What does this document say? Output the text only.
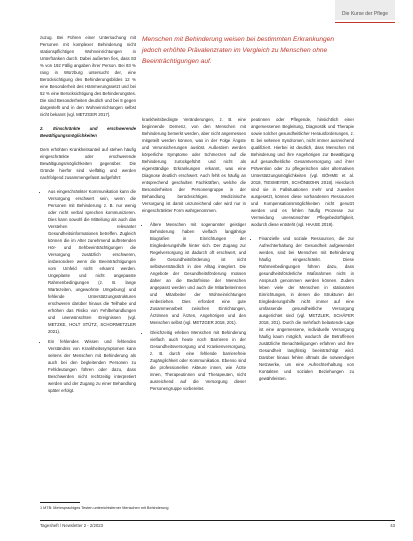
Die Kurse der Pflege
Menschen mit Behinderung weisen bei bestimmten Erkrankungen jedoch erhöhte Prävalenzraten im Vergleich zu Menschen ohne Beeinträchtigungen auf.

zuzug. Bei Führen einer Untersuchung mit Personen mit komplexer Behinderung nicht stationspflichtigen Wohneinrichtungen in Unterfranken durch. Dabei außerten fies, dass 83 % von 192 Fällig angaben ihrer Person. Bei 93 % rang in Würzburg untersucht der, eine Berücksichtigung des Behinderungsbildes 12 % eine Besonderheit des Hämmerungssetzt und bei 52 % eine Berücksichtigung des Behinderungstes. Die sind Besonderheiten deutlich und bei 8 gegen dargestellt und in den Wohneinrichtungen selbst nicht bekannt (vgl. METZGER 2017).

2. Einschränkte und erschwerende Bewältigungsmöglichkeiten

Dem erhöhten Krankheitsanteil auf stehen häufig eingeschränkte oder erschwerende Bewältigungsmöglichkeiten gegenüber. Die Gründe hierfür sind vielfältig und werden nachfolgend zusammengefasst aufgeführt:

• Aus eingeschränkter Kommunikation kann die Versorgung erschwert sein, wenn die Personen mit Behinderung z. B. nur wenig oder nicht verbal sprechen kommunizieren. Dies kann sowohl die Mitteilung als auch das Verstehen relevanter Gesundheitsinformationen betreffen. Zugleich können die im Alter zunehmend auftretenden Hör- und Sehbeeinträchtigungen die Versorgung zusätzlich erschweren, insbesondere wenn die Beeinträchtigungen vom Umfeld nicht erkannt werden. Ungeplante und nicht angepasste Rahmenbedingungen (z. B. lange Wartezeiten, ungewohnte Umgebung) und fehlende Unterstützungsstrukturen erschweren darüber hinaus die Teilhabe und erhöhen das Risiko von Fehlbehandlungen und unerwünschten Ereignissen (vgl. METZKE, HOLT STÜTZ, SCHORMETZLER 2021).
• Ein fehlendes Wissen und fehlendes Verständnis von Krankheitssymptomen kann seitens der Menschen mit Behinderung als auch bei den begleitenden Personen zu Fehldeutungen führen oder dazu, dass Beschwerden nicht rechtzeitig interpretiert werden und der Zugang zu einer Behandlung später erfolgt.

krankheitsbedingte Veränderungen, z. B. eine beginnende Demenz, von den Menschen mit Behinderung bemerkt werden, aber nicht angemessen mitgeteilt werden können, was in der Folge Ängste und Verunsicherungen auslöst. Außerdem werden körperliche Symptome oder Schmerzen auf die Behinderung zurückgeführt und nicht als eigenständige Erkrankungen erkannt, was eine Diagnose deutlich erschwert. Auch fehlt es häufig an entsprechend geschulten Fachkräften, welche die Besonderheiten der Personengruppe in der Behandlung berücksichtigen. Medizinische Versorgung ist damit unzureichend oder wird nur in eingeschränkter Form wahrgenommen.

• Ältere Menschen mit sogenannter geistiger Behinderung haben vielfach langjährige Biografien in Einrichtungen der Eingliederungshilfe hinter sich. Der Zugang zur Regelversorgung ist dadurch oft erschwert, und die Gesundheitsförderung ist nicht selbstverständlich in den Alltag integriert. Die Angebote der Gesundheitsförderung müssen daher an die Bedürfnisse der Menschen angepasst werden und auch die Mitarbeiterinnen und Mitarbeiter der Wohneinrichtungen einbeziehen. Dies erfordert eine gute Zusammenarbeit zwischen Einrichtungen, Ärztinnen und Ärzten, Angehörigen und den Menschen selbst (vgl. METZGER 2018, 201).
• Gleichzeitig erleben Menschen mit Behinderung vielfach auch heute noch Barrieren in der Gesundheitsversorgung und Krankenversorgung, z. B. durch eine fehlende barrierefreie Zugänglichkeit oder Kommunikation. Ebenso sind die professionellen Akteure innen, wie Ärzte innen, Therapeutinnen und Therapeuten, nicht ausreichend auf die Versorgung dieser Personengruppe vorbereitet.

peutinnen oder Pflegende, hinsichtlich einer angemessenen Begleitung, Diagnostik und Therapie sowie solcher gesundheitlicher Herausforderungen, z. B. bei seltenen Syndromen, nicht immer ausreichend qualifiziert. Hierbei ist deutlich, dass Menschen mit Behinderung und ihre Angehörigen zur Bewältigung auf gesundheitliche Gesamtversorgung und ihrer Prävention oder zu pflegerischen oder alternativen Unterstützungsmöglichkeiten (vgl. BÖHME et al. 2018, TIESMEYER, SCHÖNBOHN 2018). Hierdurch sind sie in Fallsituationen mehr und zuweilen ausgesetzt, können diese vorhandenen Ressourcen und Kompensationsmöglichkeiten nicht genutzt werden und es fehlen häufig Prozesse zur Vermeidung unerwünschter Pflegebedürftigkeit, wodurch diese entsteht (vgl. HAASE 2019).

• Finanzielle und soziale Ressourcen, die zur Aufrechterhaltung der Gesundheit aufgewendet werden, sind bei Menschen mit Behinderung häufig eingeschränkt. Diese Rahmenbedingungen führen dazu, dass gesundheitsförderliche Maßnahmen nicht in Anspruch genommen werden können. Zudem leben viele der Menschen in stationären Einrichtungen, in denen die Strukturen der Eingliederungshilfe nicht immer auf eine umfassende gesundheitliche Versorgung ausgerichtet sind (vgl. METZLER, SCHÄFER 2018, 201). Durch die mehrfach belastende Lage ist eine angemessene, individuelle Versorgung häufig kaum möglich, wodurch die Betroffenen zusätzliche Benachteiligungen erfahren und ihre Gesundheit langfristig beeinträchtigt wird. Darüber hinaus fehlen oftmals die notwendigen Netzwerke, um eine Aufrechterhaltung von Kontakten und sozialen Beziehungen zu gewährleisten.
1 MTB: Mehrsprachiges Testen unterrichtsferner Menschen mit Behinderung
Tagesheft / Newsletter 2 - 2/2023	43
